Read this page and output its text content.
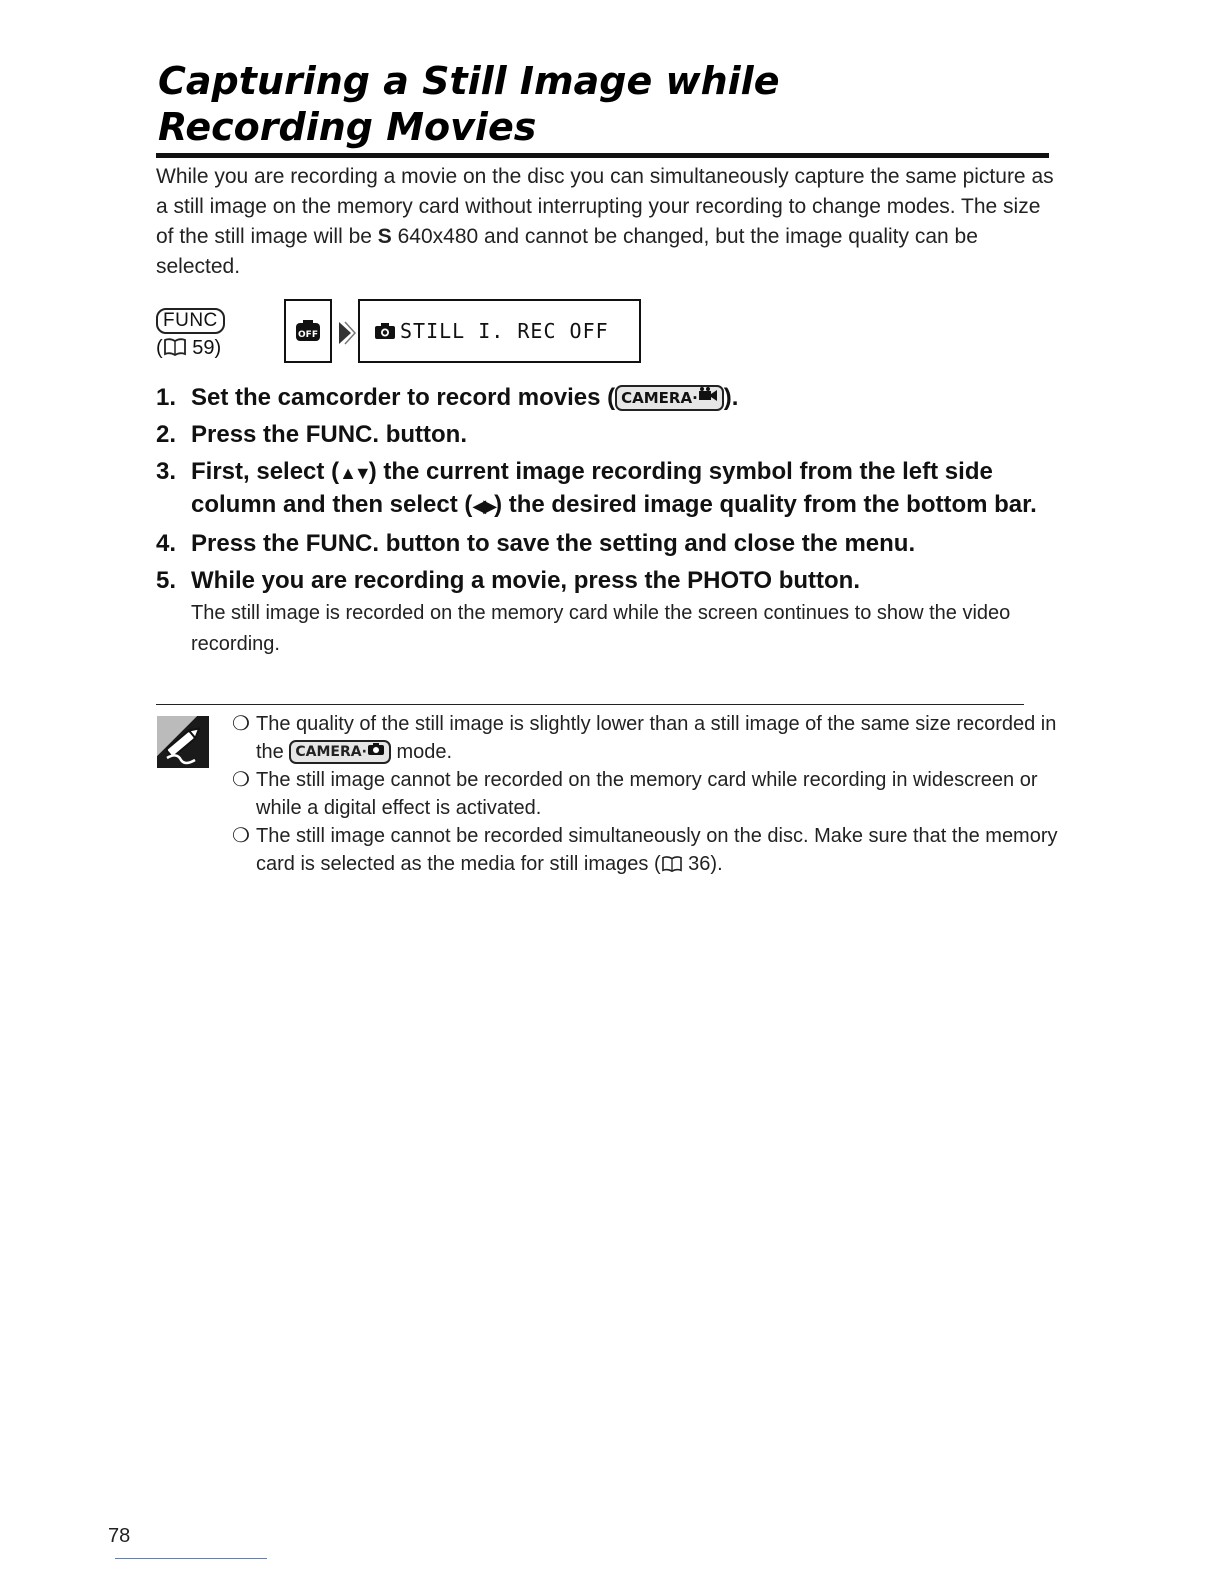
Capturing a Still Image while
Recording Movies
While you are recording a movie on the disc you can simultaneously capture the same picture as a still image on the memory card without interrupting your recording to change modes. The size of the still image will be S 640x480 and cannot be changed, but the image quality can be selected.
FUNC
( 59)
OFF	STILL I. REC OFF
1. Set the camcorder to record movies ( CAMERA· ).
2. Press the FUNC. button.
3. First, select (▲▼) the current image recording symbol from the left side column and then select (◀▶) the desired image quality from the bottom bar.
4. Press the FUNC. button to save the setting and close the menu.
5. While you are recording a movie, press the PHOTO button.
The still image is recorded on the memory card while the screen continues to show the video recording.
❍ The quality of the still image is slightly lower than a still image of the same size recorded in the CAMERA· mode.
❍ The still image cannot be recorded on the memory card while recording in widescreen or while a digital effect is activated.
❍ The still image cannot be recorded simultaneously on the disc. Make sure that the memory card is selected as the media for still images ( 36).
78
